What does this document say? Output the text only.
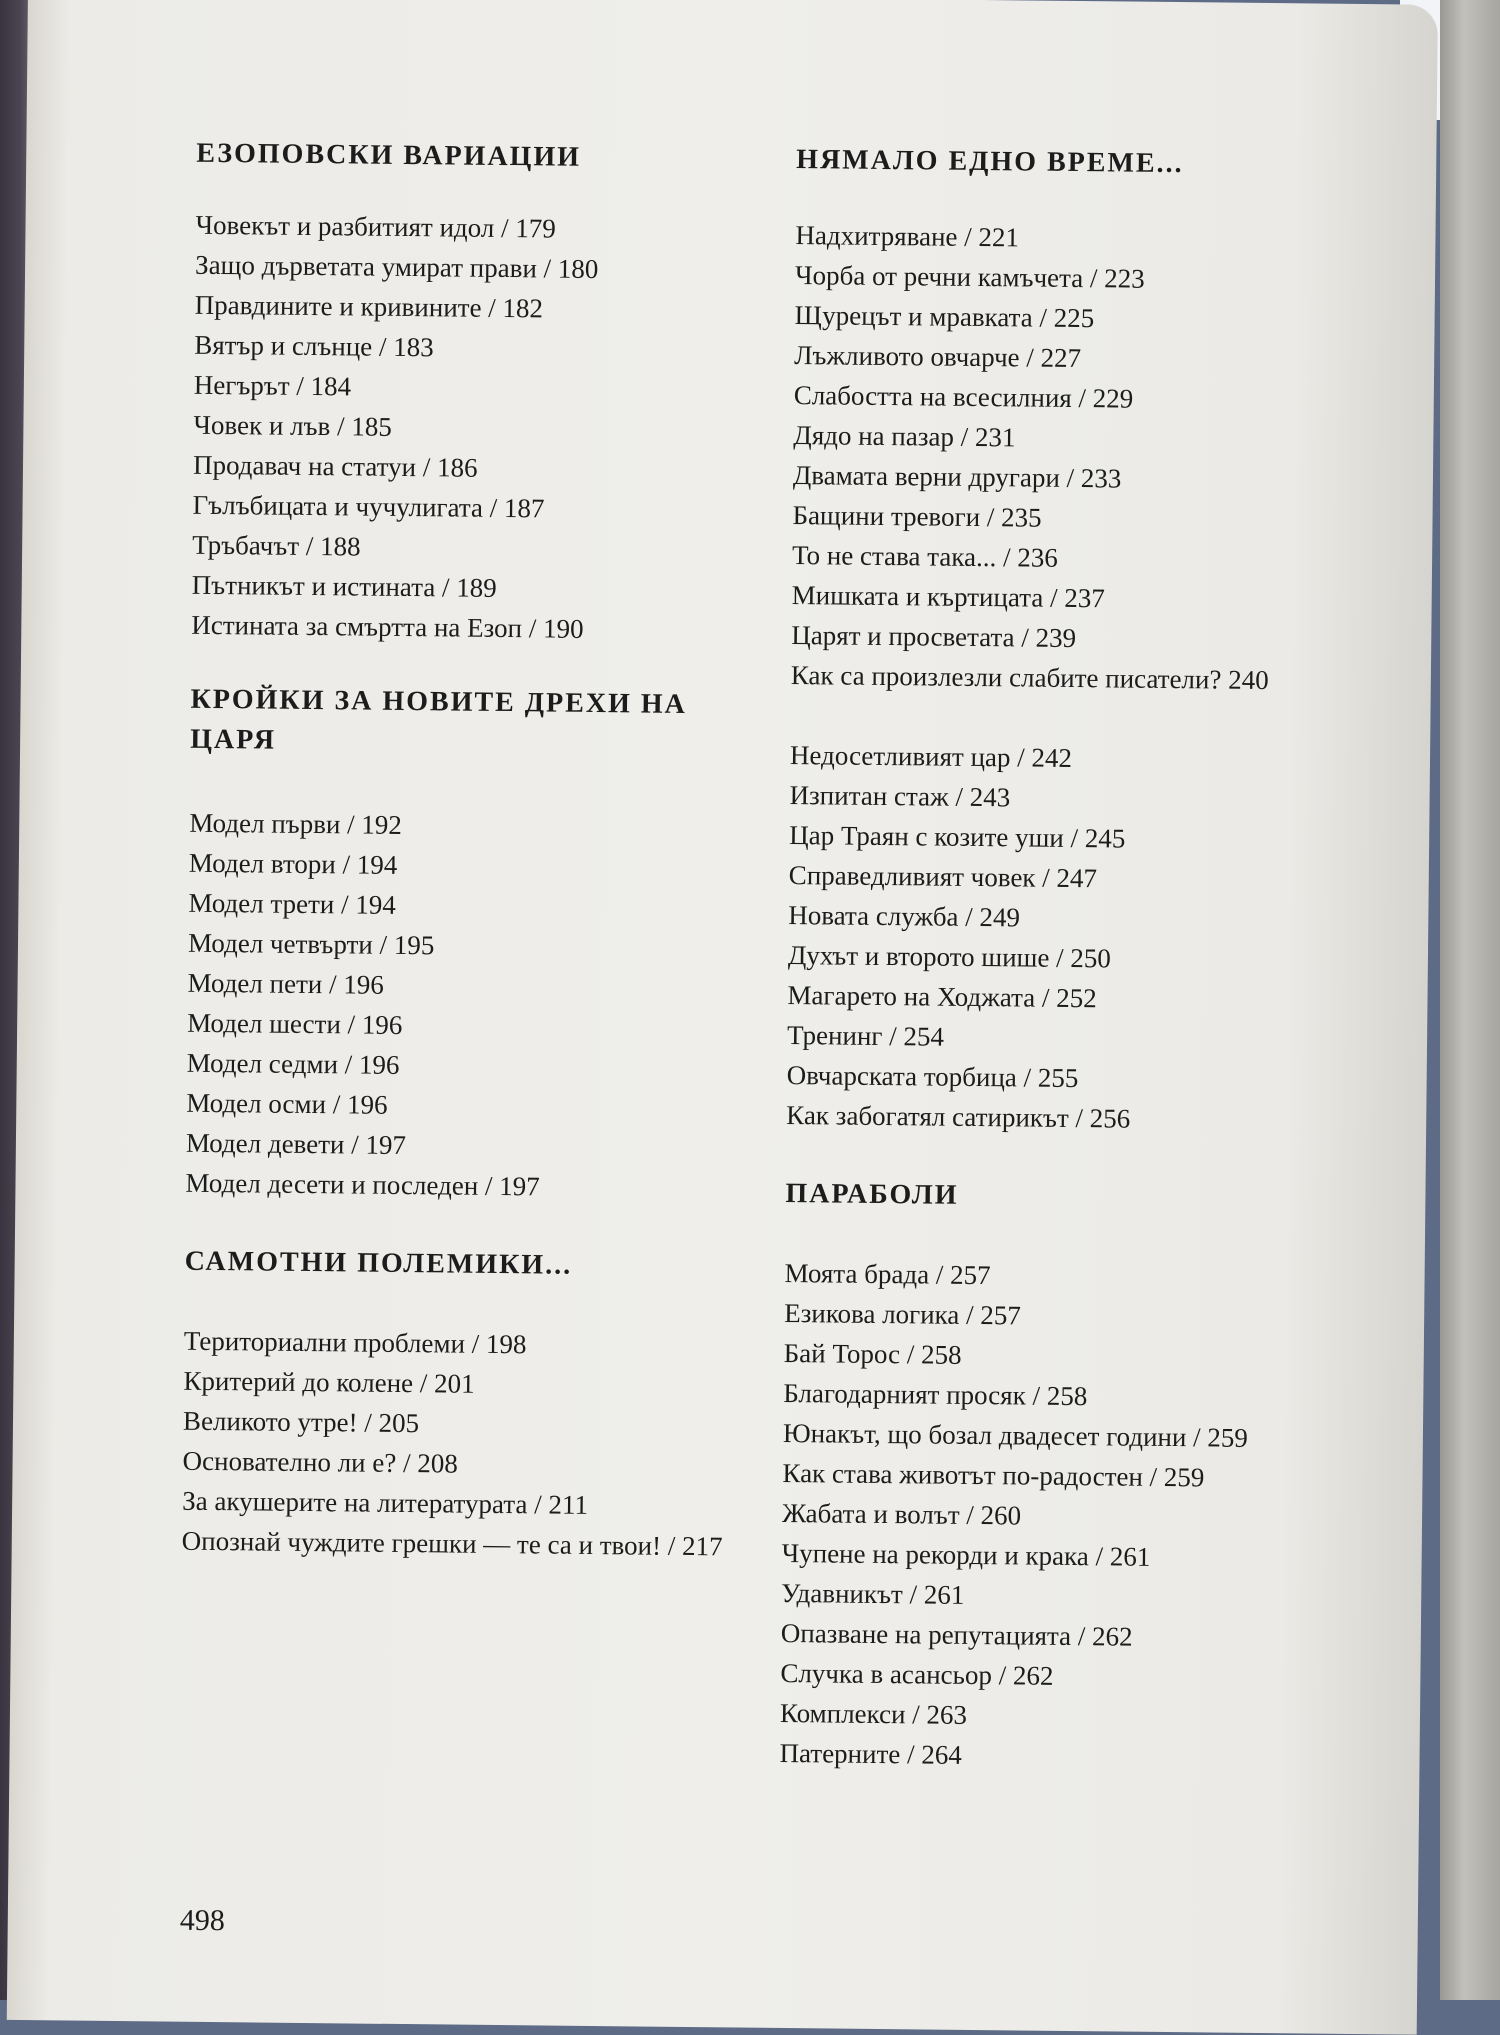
ЕЗОПОВСКИ ВАРИАЦИИ
Човекът и разбитият идол / 179
Защо дърветата умират прави / 180
Правдините и кривините / 182
Вятър и слънце / 183
Негърът / 184
Човек и лъв / 185
Продавач на статуи / 186
Гълъбицата и чучулигата / 187
Тръбачът / 188
Пътникът и истината / 189
Истината за смъртта на Езоп / 190
КРОЙКИ ЗА НОВИТЕ ДРЕХИ НА ЦАРЯ
Модел първи / 192
Модел втори / 194
Модел трети / 194
Модел четвърти / 195
Модел пети / 196
Модел шести / 196
Модел седми / 196
Модел осми / 196
Модел девети / 197
Модел десети и последен / 197
САМОТНИ ПОЛЕМИКИ...
Териториални проблеми / 198
Критерий до колене / 201
Великото утре! / 205
Основателно ли е? / 208
За акушерите на литературата / 211
Опознай чуждите грешки — те са и твои! / 217
НЯМАЛО ЕДНО ВРЕМЕ...
Надхитряване / 221
Чорба от речни камъчета / 223
Щурецът и мравката / 225
Лъжливото овчарче / 227
Слабостта на всесилния / 229
Дядо на пазар / 231
Двамата верни другари / 233
Бащини тревоги / 235
То не става така... / 236
Мишката и къртицата / 237
Царят и просветата / 239
Как са произлезли слабите писатели? 240
Недосетливият цар / 242
Изпитан стаж / 243
Цар Траян с козите уши / 245
Справедливият човек / 247
Новата служба / 249
Духът и второто шише / 250
Магарето на Ходжата / 252
Тренинг / 254
Овчарската торбица / 255
Как забогатял сатирикът / 256
ПАРАБОЛИ
Моята брада / 257
Езикова логика / 257
Бай Торос / 258
Благодарният просяк / 258
Юнакът, що бозал двадесет години / 259
Как става животът по-радостен / 259
Жабата и волът / 260
Чупене на рекорди и крака / 261
Удавникът / 261
Опазване на репутацията / 262
Случка в асансьор / 262
Комплекси / 263
Патерните / 264
498
